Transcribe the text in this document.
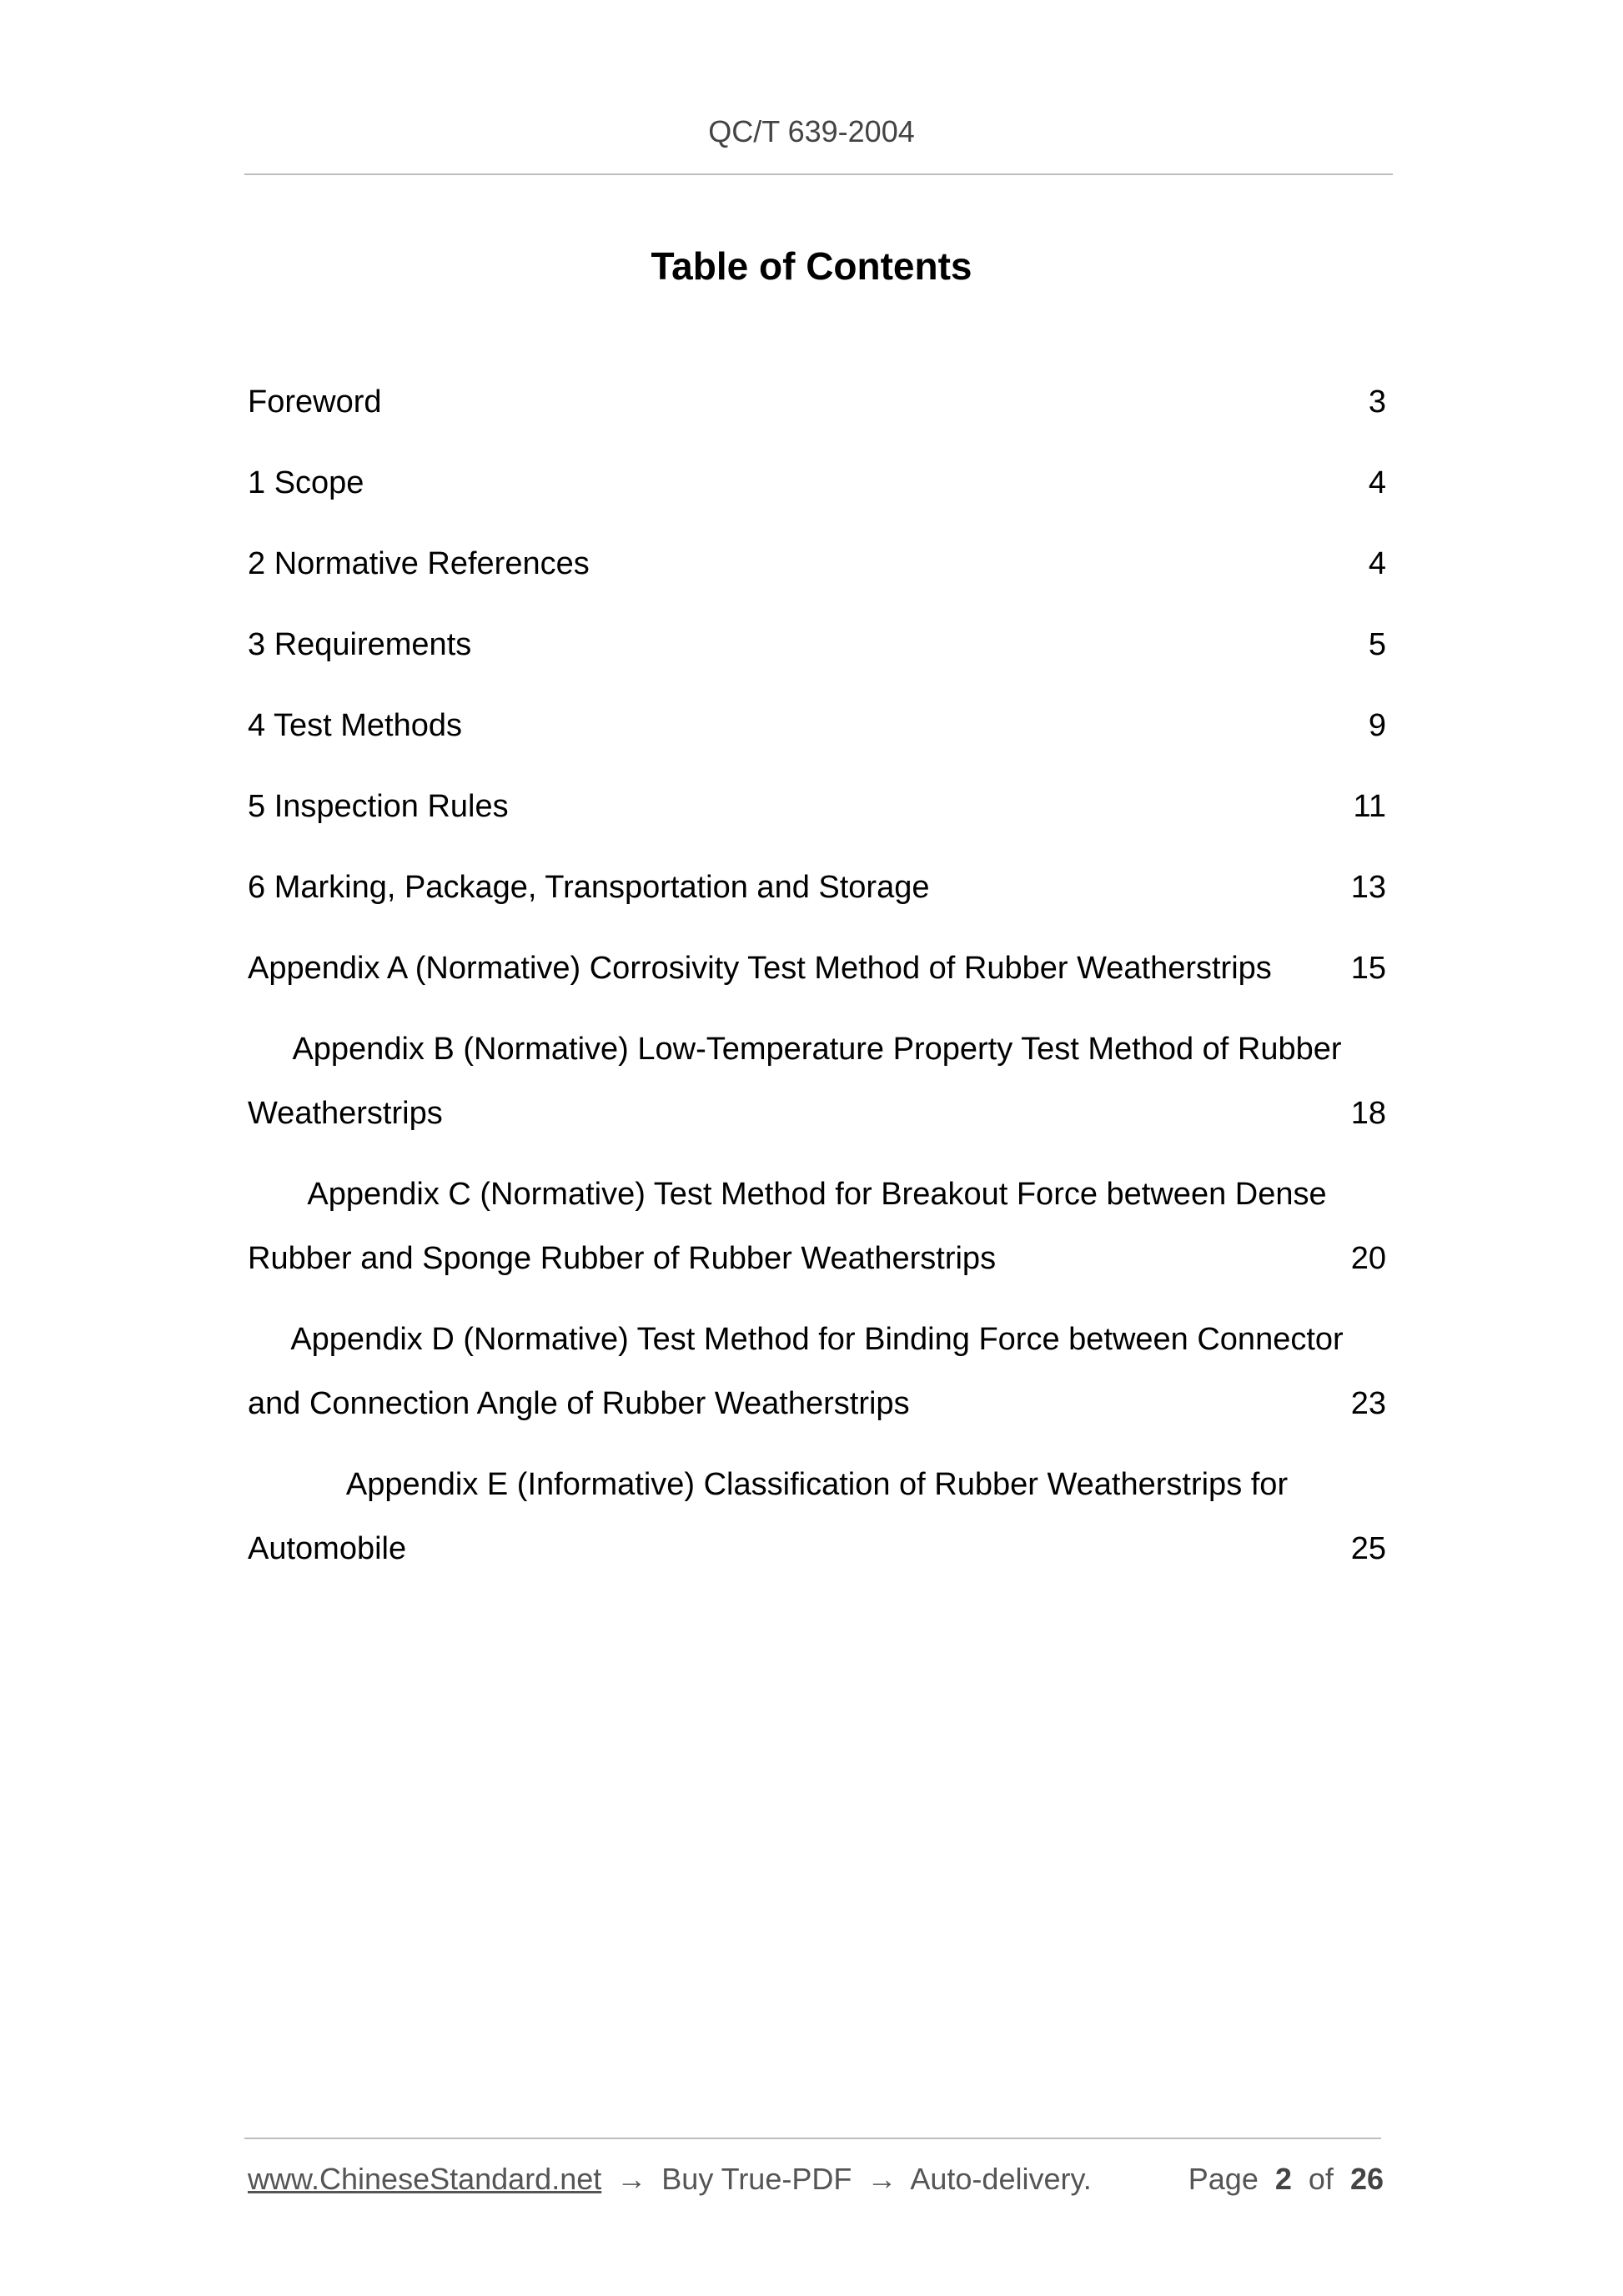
QC/T 639-2004
Table of Contents
Foreword	3
1 Scope	4
2 Normative References	4
3 Requirements	5
4 Test Methods	9
5 Inspection Rules	11
6 Marking, Package, Transportation and Storage	13
Appendix A (Normative) Corrosivity Test Method of Rubber Weatherstrips 15
Appendix B (Normative) Low-Temperature Property Test Method of Rubber
Weatherstrips	18
Appendix C (Normative) Test Method for Breakout Force between Dense
Rubber and Sponge Rubber of Rubber Weatherstrips	20
Appendix D (Normative) Test Method for Binding Force between Connector
and Connection Angle of Rubber Weatherstrips	23
Appendix E (Informative) Classification of Rubber Weatherstrips for
Automobile	25
www.ChineseStandard.net → Buy True-PDF → Auto-delivery.	Page 2 of 26
